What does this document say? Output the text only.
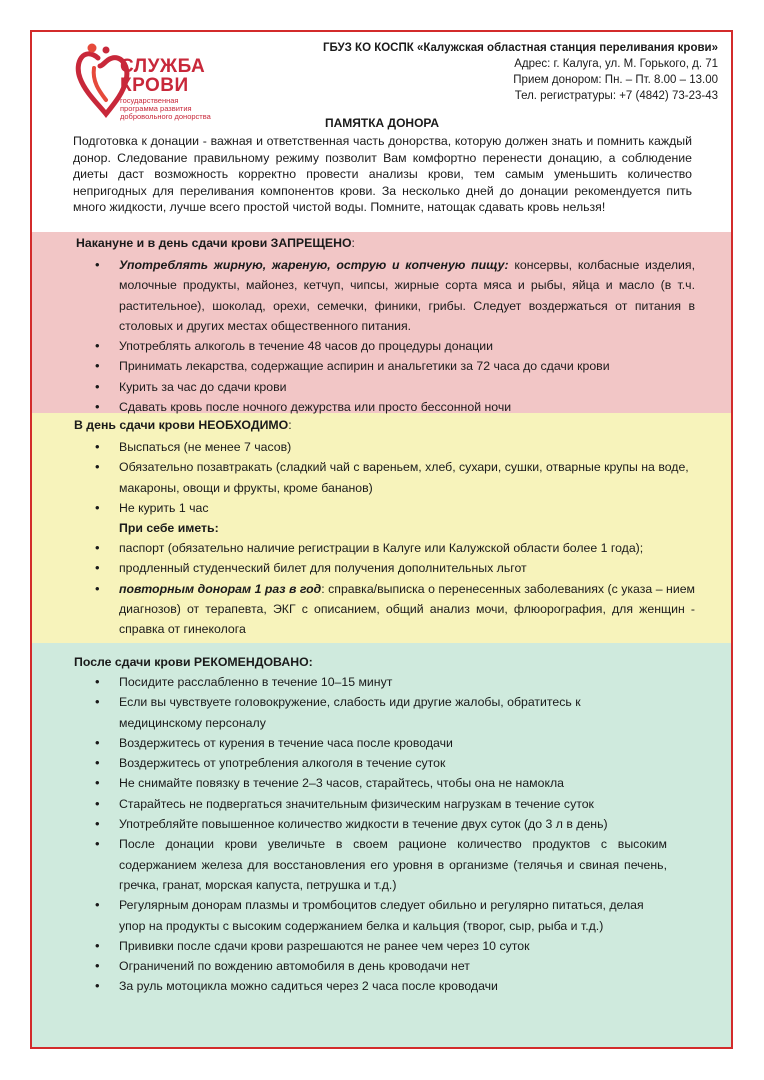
СЛУЖБА
КРОВИ
государственная
программа развития
добровольного донорства
ГБУЗ КО КОСПК «Калужская областная станция переливания крови»
Адрес: г. Калуга, ул. М. Горького, д. 71
Прием донором: Пн. – Пт. 8.00 – 13.00
Тел. регистратуры: +7 (4842) 73-23-43
ПАМЯТКА ДОНОРА

Подготовка к донации - важная и ответственная часть донорства, которую должен знать и помнить каждый донор. Следование правильному режиму позволит Вам комфортно перенести донацию, а соблюдение диеты даст возможность корректно провести анализы крови, тем самым уменьшить количество непригодных для переливания компонентов крови. За несколько дней до донации рекомендуется пить много жидкости, лучше всего простой чистой воды. Помните, натощак сдавать кровь нельзя!

Накануне и в день сдачи крови ЗАПРЕЩЕНО:
• Употреблять жирную, жареную, острую и копченую пищу: консервы, колбасные изделия, молочные продукты, майонез, кетчуп, чипсы, жирные сорта мяса и рыбы, яйца и масло (в т.ч. растительное), шоколад, орехи, семечки, финики, грибы. Следует воздержаться от питания в столовых и других местах общественного питания.
• Употреблять алкоголь в течение 48 часов до процедуры донации
• Принимать лекарства, содержащие аспирин и анальгетики за 72 часа до сдачи крови
• Курить за час до сдачи крови
• Сдавать кровь после ночного дежурства или просто бессонной ночи
В день сдачи крови НЕОБХОДИМО:
• Выспаться (не менее 7 часов)
• Обязательно позавтракать (сладкий чай с вареньем, хлеб, сухари, сушки, отварные крупы на воде, макароны, овощи и фрукты, кроме бананов)
• Не курить 1 час
При себе иметь:
• паспорт (обязательно наличие регистрации в Калуге или Калужской области более 1 года);
• продленный студенческий билет для получения дополнительных льгот
• повторным донорам 1 раз в год: справка/выписка о перенесенных заболеваниях (с указа – нием диагнозов) от терапевта, ЭКГ с описанием, общий анализ мочи, флюорография, для женщин - справка от гинеколога
После сдачи крови РЕКОМЕНДОВАНО:
• Посидите расслабленно в течение 10–15 минут
• Если вы чувствуете головокружение, слабость иди другие жалобы, обратитесь к медицинскому персоналу
• Воздержитесь от курения в течение часа после кроводачи
• Воздержитесь от употребления алкоголя в течение суток
• Не снимайте повязку в течение 2–3 часов, старайтесь, чтобы она не намокла
• Старайтесь не подвергаться значительным физическим нагрузкам в течение суток
• Употребляйте повышенное количество жидкости в течение двух суток (до 3 л в день)
• После донации крови увеличьте в своем рационе количество продуктов с высоким содержанием железа для восстановления его уровня в организме (телячья и свиная печень, гречка, гранат, морская капуста, петрушка и т.д.)
• Регулярным донорам плазмы и тромбоцитов следует обильно и регулярно питаться, делая упор на продукты с высоким содержанием белка и кальция (творог, сыр, рыба и т.д.)
• Прививки после сдачи крови разрешаются не ранее чем через 10 суток
• Ограничений по вождению автомобиля в день кроводачи нет
• За руль мотоцикла можно садиться через 2 часа после кроводачи
